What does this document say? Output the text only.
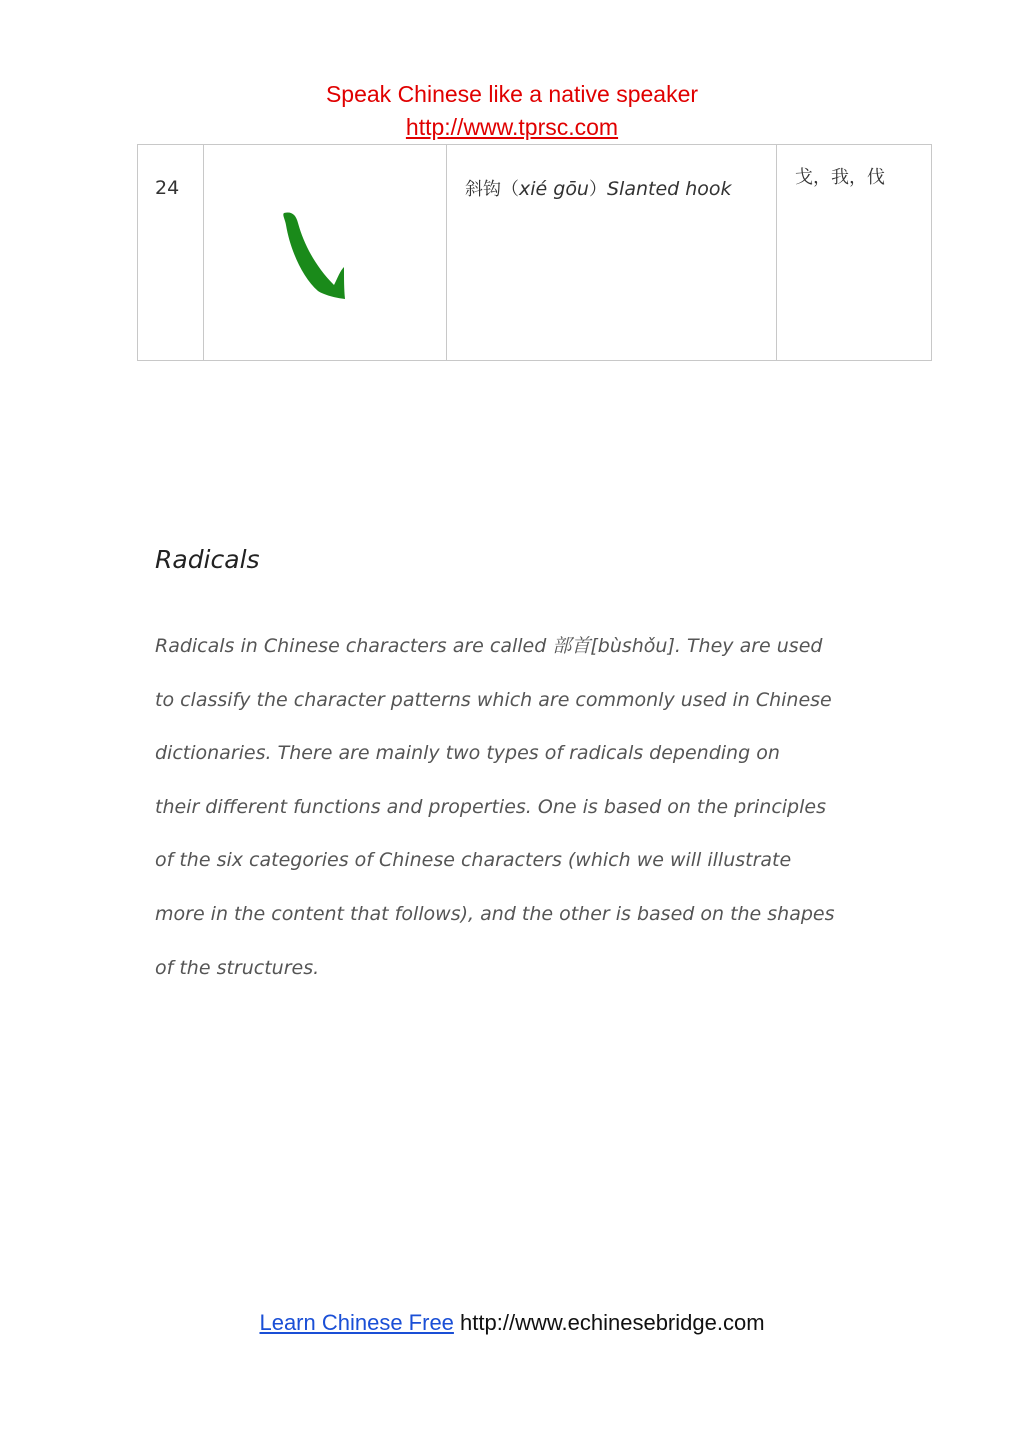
Speak Chinese like a native speaker
http://www.tprsc.com
24		斜钩（xié gōu）Slanted hook	戈，我，伐
Radicals
Radicals in Chinese characters are called 部首[bùshǒu]. They are used
to classify the character patterns which are commonly used in Chinese
dictionaries. There are mainly two types of radicals depending on
their different functions and properties. One is based on the principles
of the six categories of Chinese characters (which we will illustrate
more in the content that follows), and the other is based on the shapes
of the structures.
Learn Chinese Free http://www.echinesebridge.com
